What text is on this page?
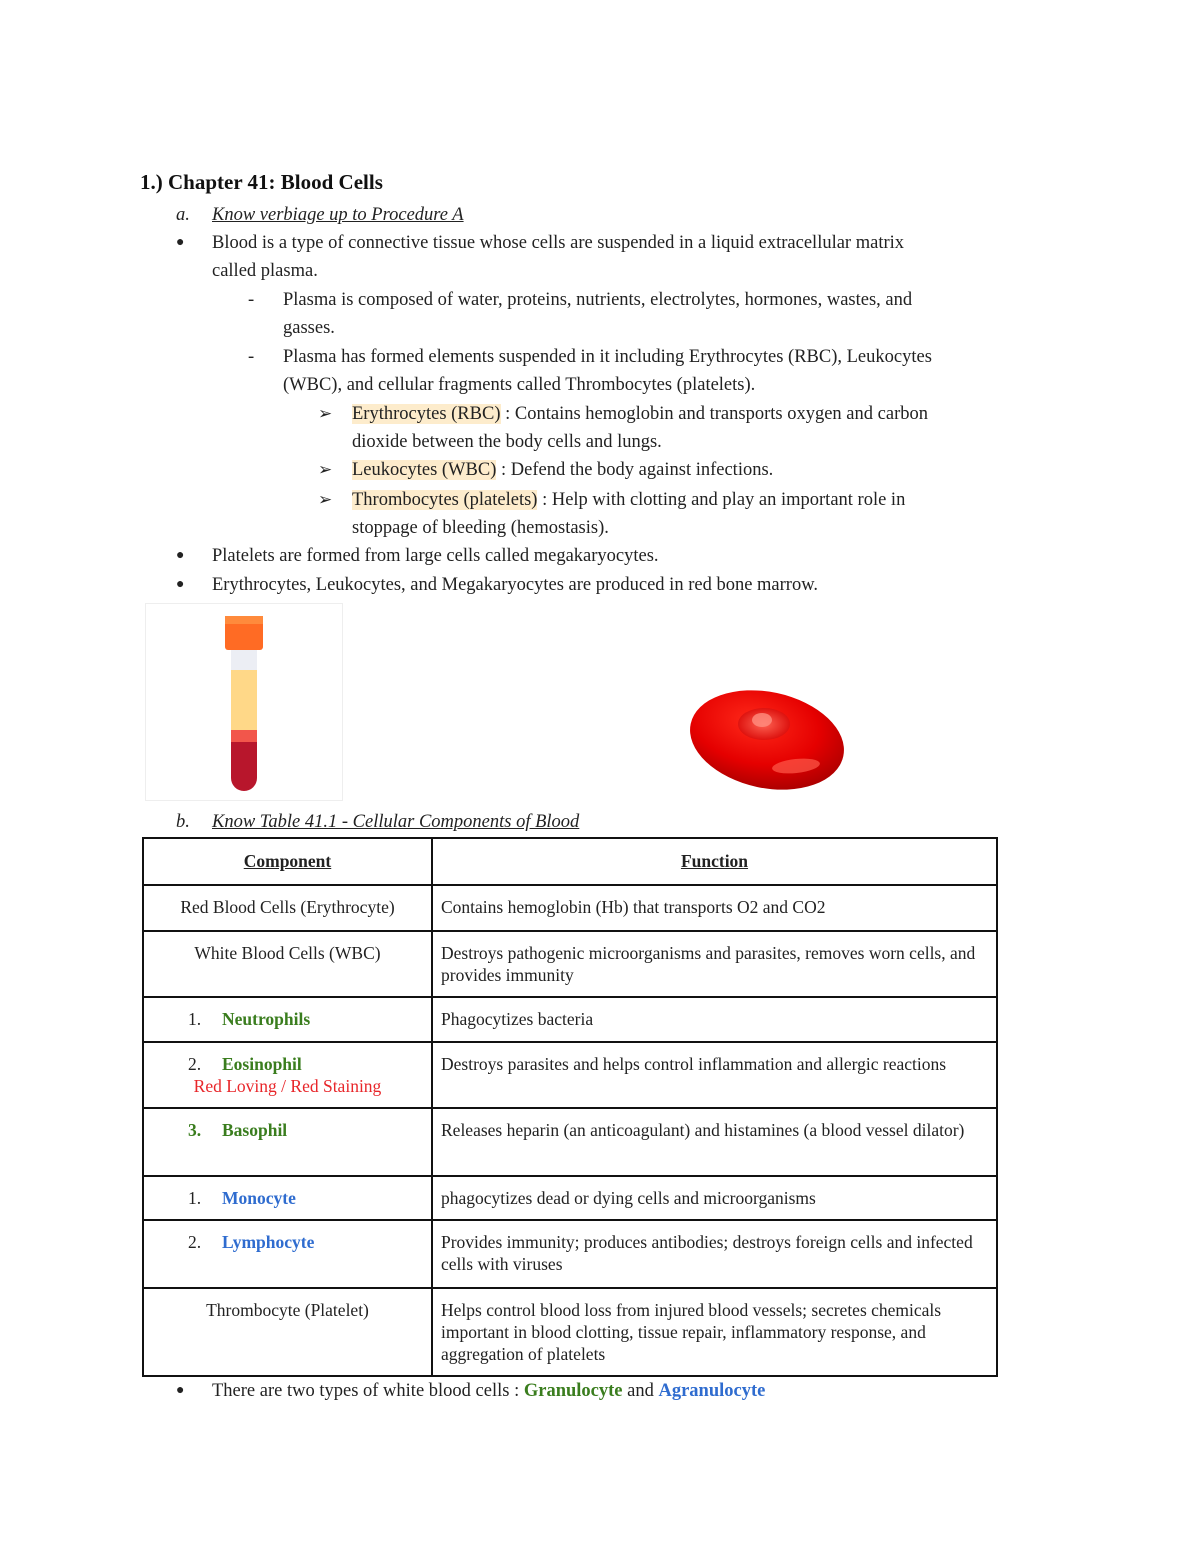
1.) Chapter 41: Blood Cells
a. Know verbiage up to Procedure A
● Blood is a type of connective tissue whose cells are suspended in a liquid extracellular matrix
called plasma.
- Plasma is composed of water, proteins, nutrients, electrolytes, hormones, wastes, and
gasses.
- Plasma has formed elements suspended in it including Erythrocytes (RBC), Leukocytes
(WBC), and cellular fragments called Thrombocytes (platelets).
➢ Erythrocytes (RBC) : Contains hemoglobin and transports oxygen and carbon
dioxide between the body cells and lungs.
➢ Leukocytes (WBC) : Defend the body against infections.
➢ Thrombocytes (platelets) : Help with clotting and play an important role in
stoppage of bleeding (hemostasis).
● Platelets are formed from large cells called megakaryocytes.
● Erythrocytes, Leukocytes, and Megakaryocytes are produced in red bone marrow.
b. Know Table 41.1 - Cellular Components of Blood
Component	Function

Red Blood Cells (Erythrocyte)	Contains hemoglobin (Hb) that transports O2 and CO2

White Blood Cells (WBC)	Destroys pathogenic microorganisms and parasites, removes worn cells, and provides immunity

1. Neutrophils	Phagocytizes bacteria

2. Eosinophil
Red Loving / Red Staining	Destroys parasites and helps control inflammation and allergic reactions

3. Basophil	Releases heparin (an anticoagulant) and histamines (a blood vessel dilator)

1. Monocyte	phagocytizes dead or dying cells and microorganisms

2. Lymphocyte	Provides immunity; produces antibodies; destroys foreign cells and infected cells with viruses

Thrombocyte (Platelet)	Helps control blood loss from injured blood vessels; secretes chemicals important in blood clotting, tissue repair, inflammatory response, and aggregation of platelets
● There are two types of white blood cells : Granulocyte and Agranulocyte
